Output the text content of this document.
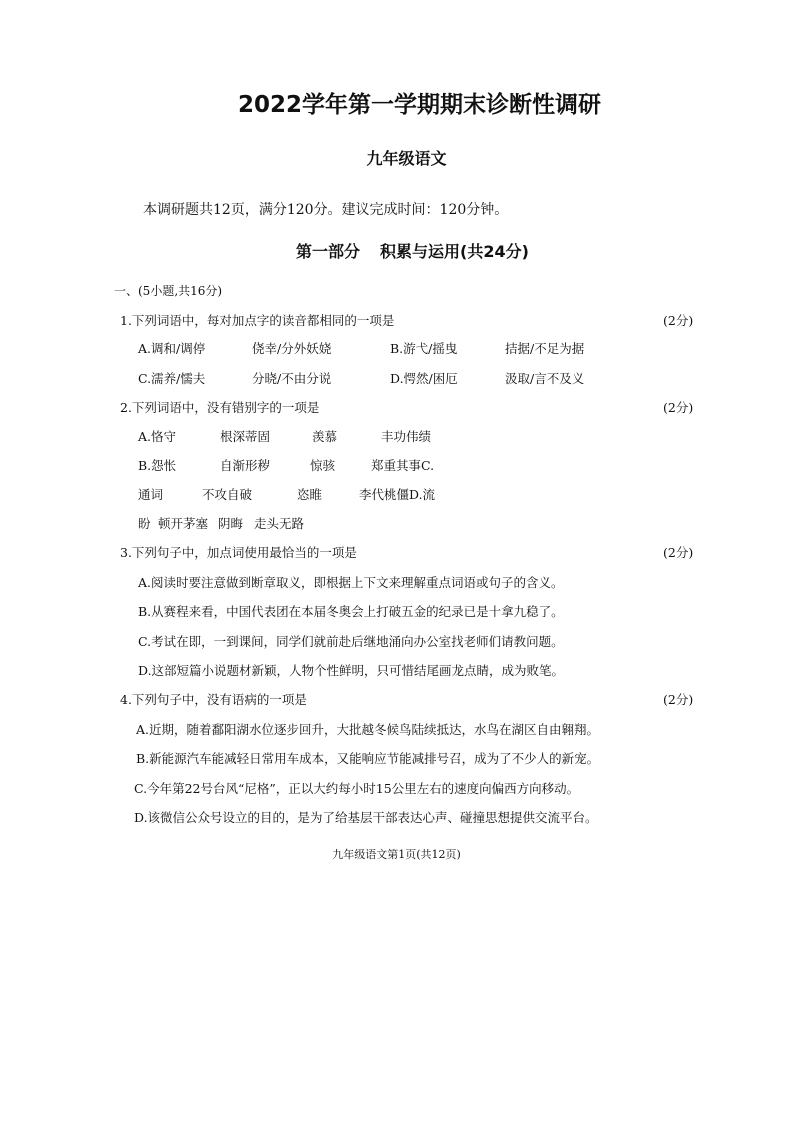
2022学年第一学期期末诊断性调研
九年级语文
本调研题共12页，满分120分。建议完成时间：120分钟。
第一部分 积累与运用(共24分)
一、(5小题,共16分)
1.下列词语中，每对加点字的读音都相同的一项是	(2分)
A.调和/调停	侥幸/分外妖娆	B.游弋/摇曳	拮据/不足为据
C.濡养/懦夫	分晓/不由分说	D.愕然/困厄	汲取/言不及义
2.下列词语中，没有错别字的一项是	(2分)
A.恪守	根深蒂固	羡慕	丰功伟绩
B.怨怅	自渐形秽	惊骇	郑重其事C.
通词	不攻自破	恣睢	李代桃僵D.流
盼 顿开茅塞 阴晦 走头无路
3.下列句子中，加点词使用最恰当的一项是	(2分)
A.阅读时要注意做到断章取义，即根据上下文来理解重点词语或句子的含义。
B.从赛程来看，中国代表团在本届冬奥会上打破五金的纪录已是十拿九稳了。
C.考试在即，一到课间，同学们就前赴后继地涌向办公室找老师们请教问题。
D.这部短篇小说题材新颖，人物个性鲜明，只可惜结尾画龙点睛，成为败笔。
4.下列句子中，没有语病的一项是	(2分)
A.近期，随着鄱阳湖水位逐步回升，大批越冬候鸟陆续抵达，水鸟在湖区自由翱翔。
B.新能源汽车能减轻日常用车成本，又能响应节能减排号召，成为了不少人的新宠。
C.今年第22号台风“尼格”，正以大约每小时15公里左右的速度向偏西方向移动。
D.该微信公众号设立的目的，是为了给基层干部表达心声、碰撞思想提供交流平台。
九年级语文第1页(共12页)
